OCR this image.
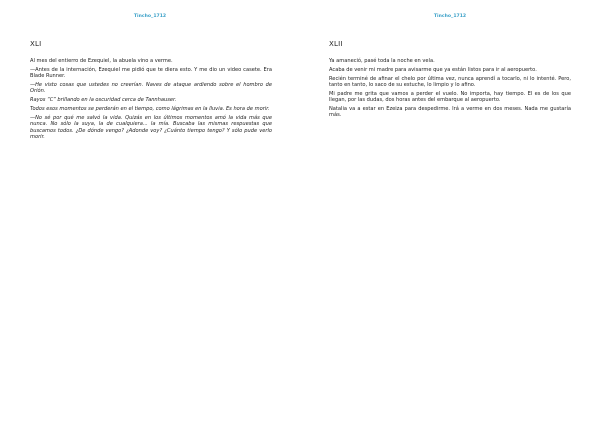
Tincho_1712
XLI

Al mes del entierro de Ezequiel, la abuela vino a verme.

—Antes de la internación, Ezequiel me pidió que te diera esto. Y me dio un video casete. Era Blade Runner.

—He visto cosas que ustedes no creerían. Naves de ataque ardiendo sobre el hombro de Orión.

Rayos “C” brillando en la oscuridad cerca de Tannhauser.

Todos esos momentos se perderán en el tiempo, como lágrimas en la lluvia. Es hora de morir.

—No sé por qué me salvó la vida. Quizás en los últimos momentos amó la vida más que nunca. No sólo la suya, la de cualquiera... la mía. Buscaba las mismas respuestas que buscamos todos. ¿De dónde vengo? ¿Adonde voy? ¿Cuánto tiempo tengo? Y sólo pude verlo morir.

Tincho_1712
XLII

Ya amaneció, pasé toda la noche en vela.

Acaba de venir mi madre para avisarme que ya están listos para ir al aeropuerto.

Recién terminé de afinar el chelo por última vez, nunca aprendí a tocarlo, ni lo intenté. Pero, tanto en tanto, lo saco de su estuche, lo limpio y lo afino.

Mi padre me grita que vamos a perder el vuelo. No importa, hay tiempo. El es de los que llegan, por las dudas, dos horas antes del embarque al aeropuerto.

Natalia va a estar en Ezeiza para despedirme. Irá a verme en dos meses. Nada me gustaría más.
